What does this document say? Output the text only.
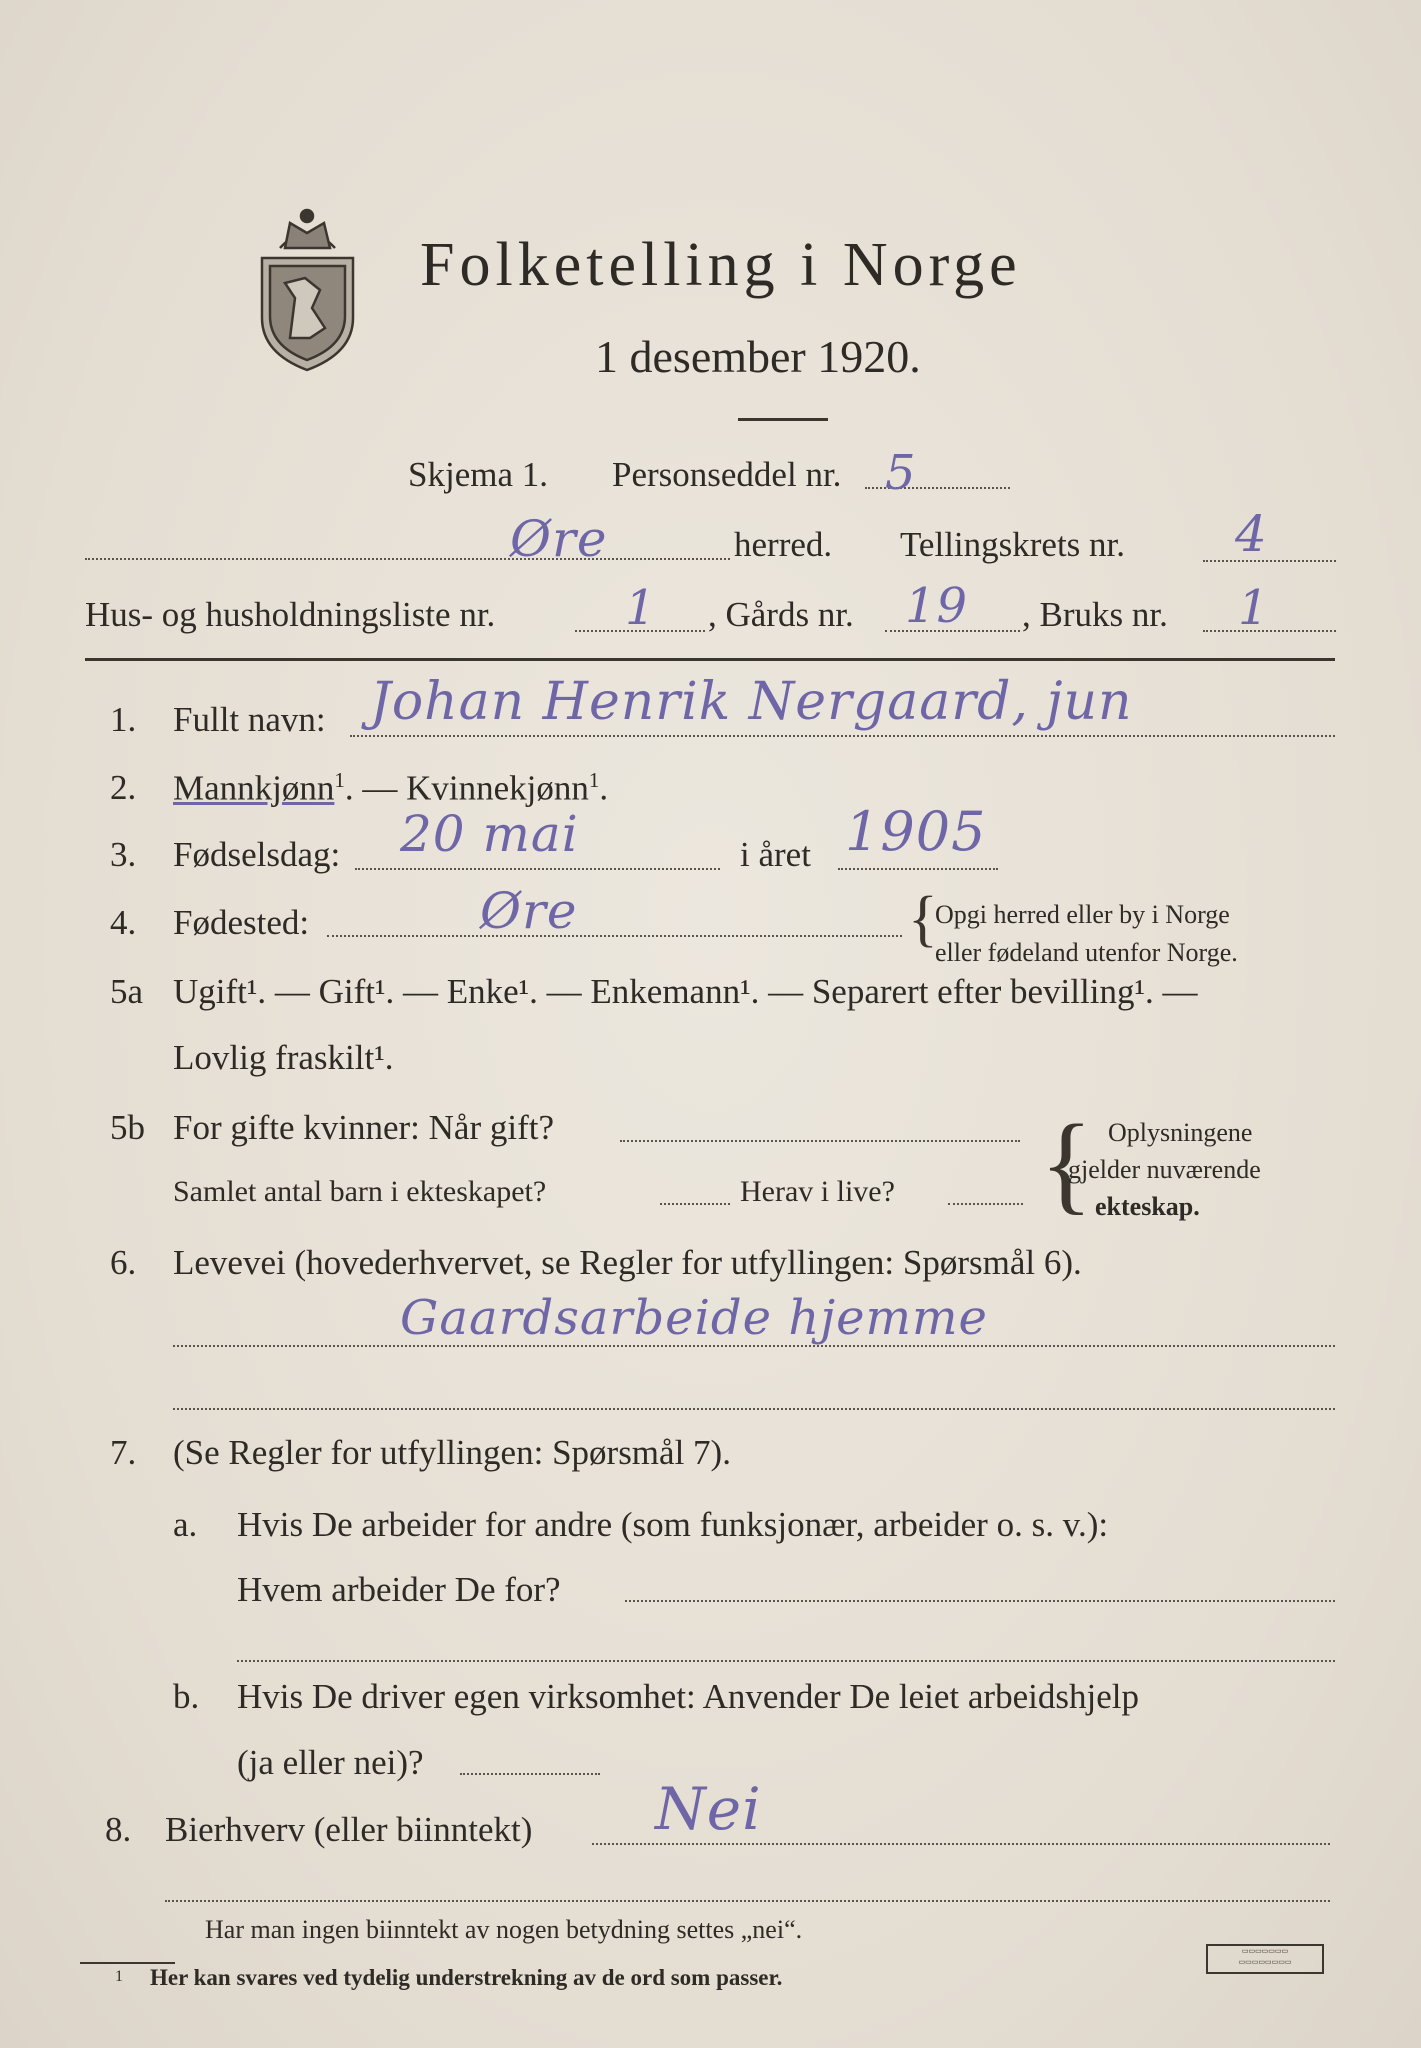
Folketelling i Norge
1 desember 1920.
Skjema 1. Personseddel nr. 5
Øre	herred. Tellingskrets nr. 4
Hus- og husholdningsliste nr.	1 , Gårds nr. 19 , Bruks nr. 1
1. Fullt navn: Johan Henrik Nergaard, jun
2. Mannkjønn$^1$. — Kvinnekjønn$^1$.
3. Fødselsdag: 20 mai	i året 1905
4. Fødested:	Øre	{
Opgi herred eller by i Norge
eller fødeland utenfor Norge.
5a Ugift¹. — Gift¹. — Enke¹. — Enkemann¹. — Separert efter bevilling¹. —
Lovlig fraskilt¹.
5b For gifte kvinner: Når gift?
Samlet antal barn i ekteskapet?	Herav i live? { Oplysningene
gjelder nuværende
ekteskap.
6. Levevei (hovederhvervet, se Regler for utfyllingen: Spørsmål 6).
Gaardsarbeide hjemme
7. (Se Regler for utfyllingen: Spørsmål 7).
a. Hvis De arbeider for andre (som funksjonær, arbeider o. s. v.):
Hvem arbeider De for?
b. Hvis De driver egen virksomhet: Anvender De leiet arbeidshjelp
(ja eller nei)?
8. Bierhverv (eller biinntekt) Nei
Har man ingen biinntekt av nogen betydning settes „nei“.
1 Her kan svares ved tydelig understrekning av de ord som passer.
▭▭▭▭▭▭▭
▭▭▭▭▭▭▭▭
